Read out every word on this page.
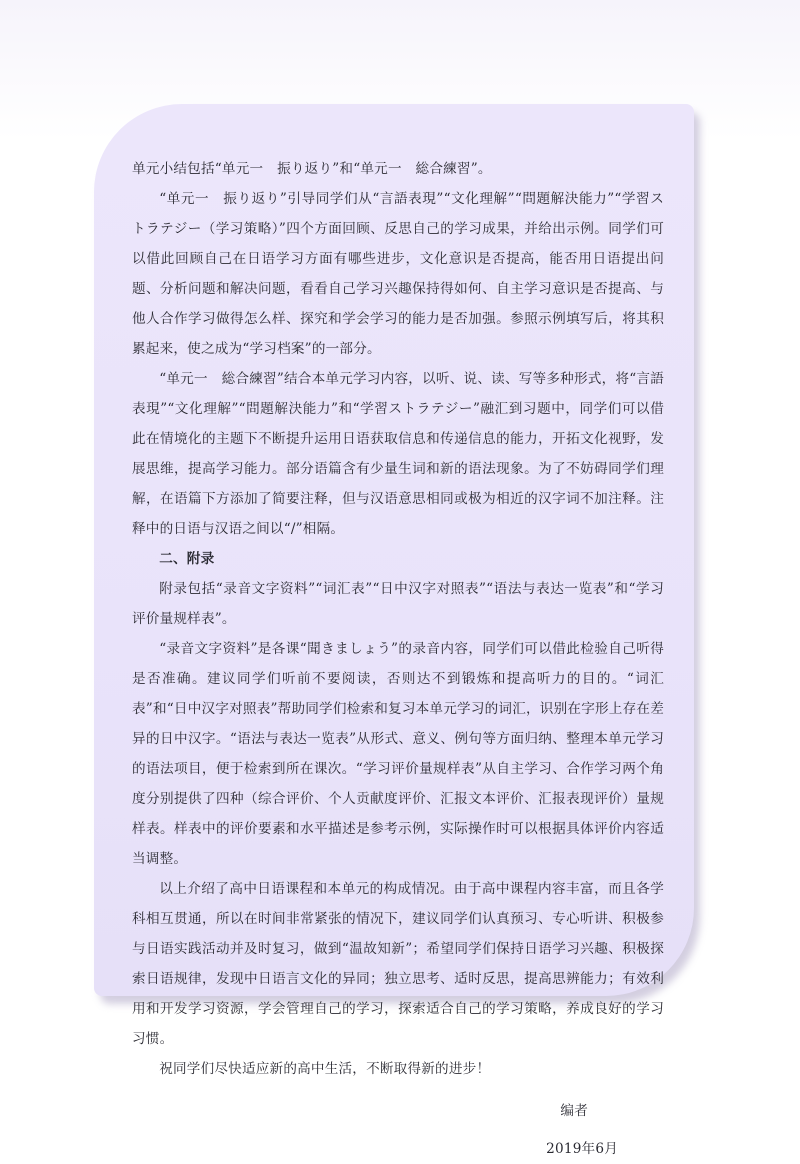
单元小结包括“单元一　振り返り”和“单元一　総合練習”。

“单元一　振り返り”引导同学们从“言語表現”“文化理解”“問題解決能力”“学習ストラテジー（学习策略）”四个方面回顾、反思自己的学习成果，并给出示例。同学们可以借此回顾自己在日语学习方面有哪些进步，文化意识是否提高，能否用日语提出问题、分析问题和解决问题，看看自己学习兴趣保持得如何、自主学习意识是否提高、与他人合作学习做得怎么样、探究和学会学习的能力是否加强。参照示例填写后，将其积累起来，使之成为“学习档案”的一部分。

“单元一　総合練習”结合本单元学习内容，以听、说、读、写等多种形式，将“言語表現”“文化理解”“問題解決能力”和“学習ストラテジー”融汇到习题中，同学们可以借此在情境化的主题下不断提升运用日语获取信息和传递信息的能力，开拓文化视野，发展思维，提高学习能力。部分语篇含有少量生词和新的语法现象。为了不妨碍同学们理解，在语篇下方添加了简要注释，但与汉语意思相同或极为相近的汉字词不加注释。注释中的日语与汉语之间以“/”相隔。

二、附录

附录包括“录音文字资料”“词汇表”“日中汉字对照表”“语法与表达一览表”和“学习评价量规样表”。

“录音文字资料”是各课“聞きましょう”的录音内容，同学们可以借此检验自己听得是否准确。建议同学们听前不要阅读，否则达不到锻炼和提高听力的目的。“词汇表”和“日中汉字对照表”帮助同学们检索和复习本单元学习的词汇，识别在字形上存在差异的日中汉字。“语法与表达一览表”从形式、意义、例句等方面归纳、整理本单元学习的语法项目，便于检索到所在课次。“学习评价量规样表”从自主学习、合作学习两个角度分别提供了四种（综合评价、个人贡献度评价、汇报文本评价、汇报表现评价）量规样表。样表中的评价要素和水平描述是参考示例，实际操作时可以根据具体评价内容适当调整。

以上介绍了高中日语课程和本单元的构成情况。由于高中课程内容丰富，而且各学科相互贯通，所以在时间非常紧张的情况下，建议同学们认真预习、专心听讲、积极参与日语实践活动并及时复习，做到“温故知新”；希望同学们保持日语学习兴趣、积极探索日语规律，发现中日语言文化的异同；独立思考、适时反思，提高思辨能力；有效利用和开发学习资源，学会管理自己的学习，探索适合自己的学习策略，养成良好的学习习惯。

祝同学们尽快适应新的高中生活，不断取得新的进步！

编者

2019年6月
